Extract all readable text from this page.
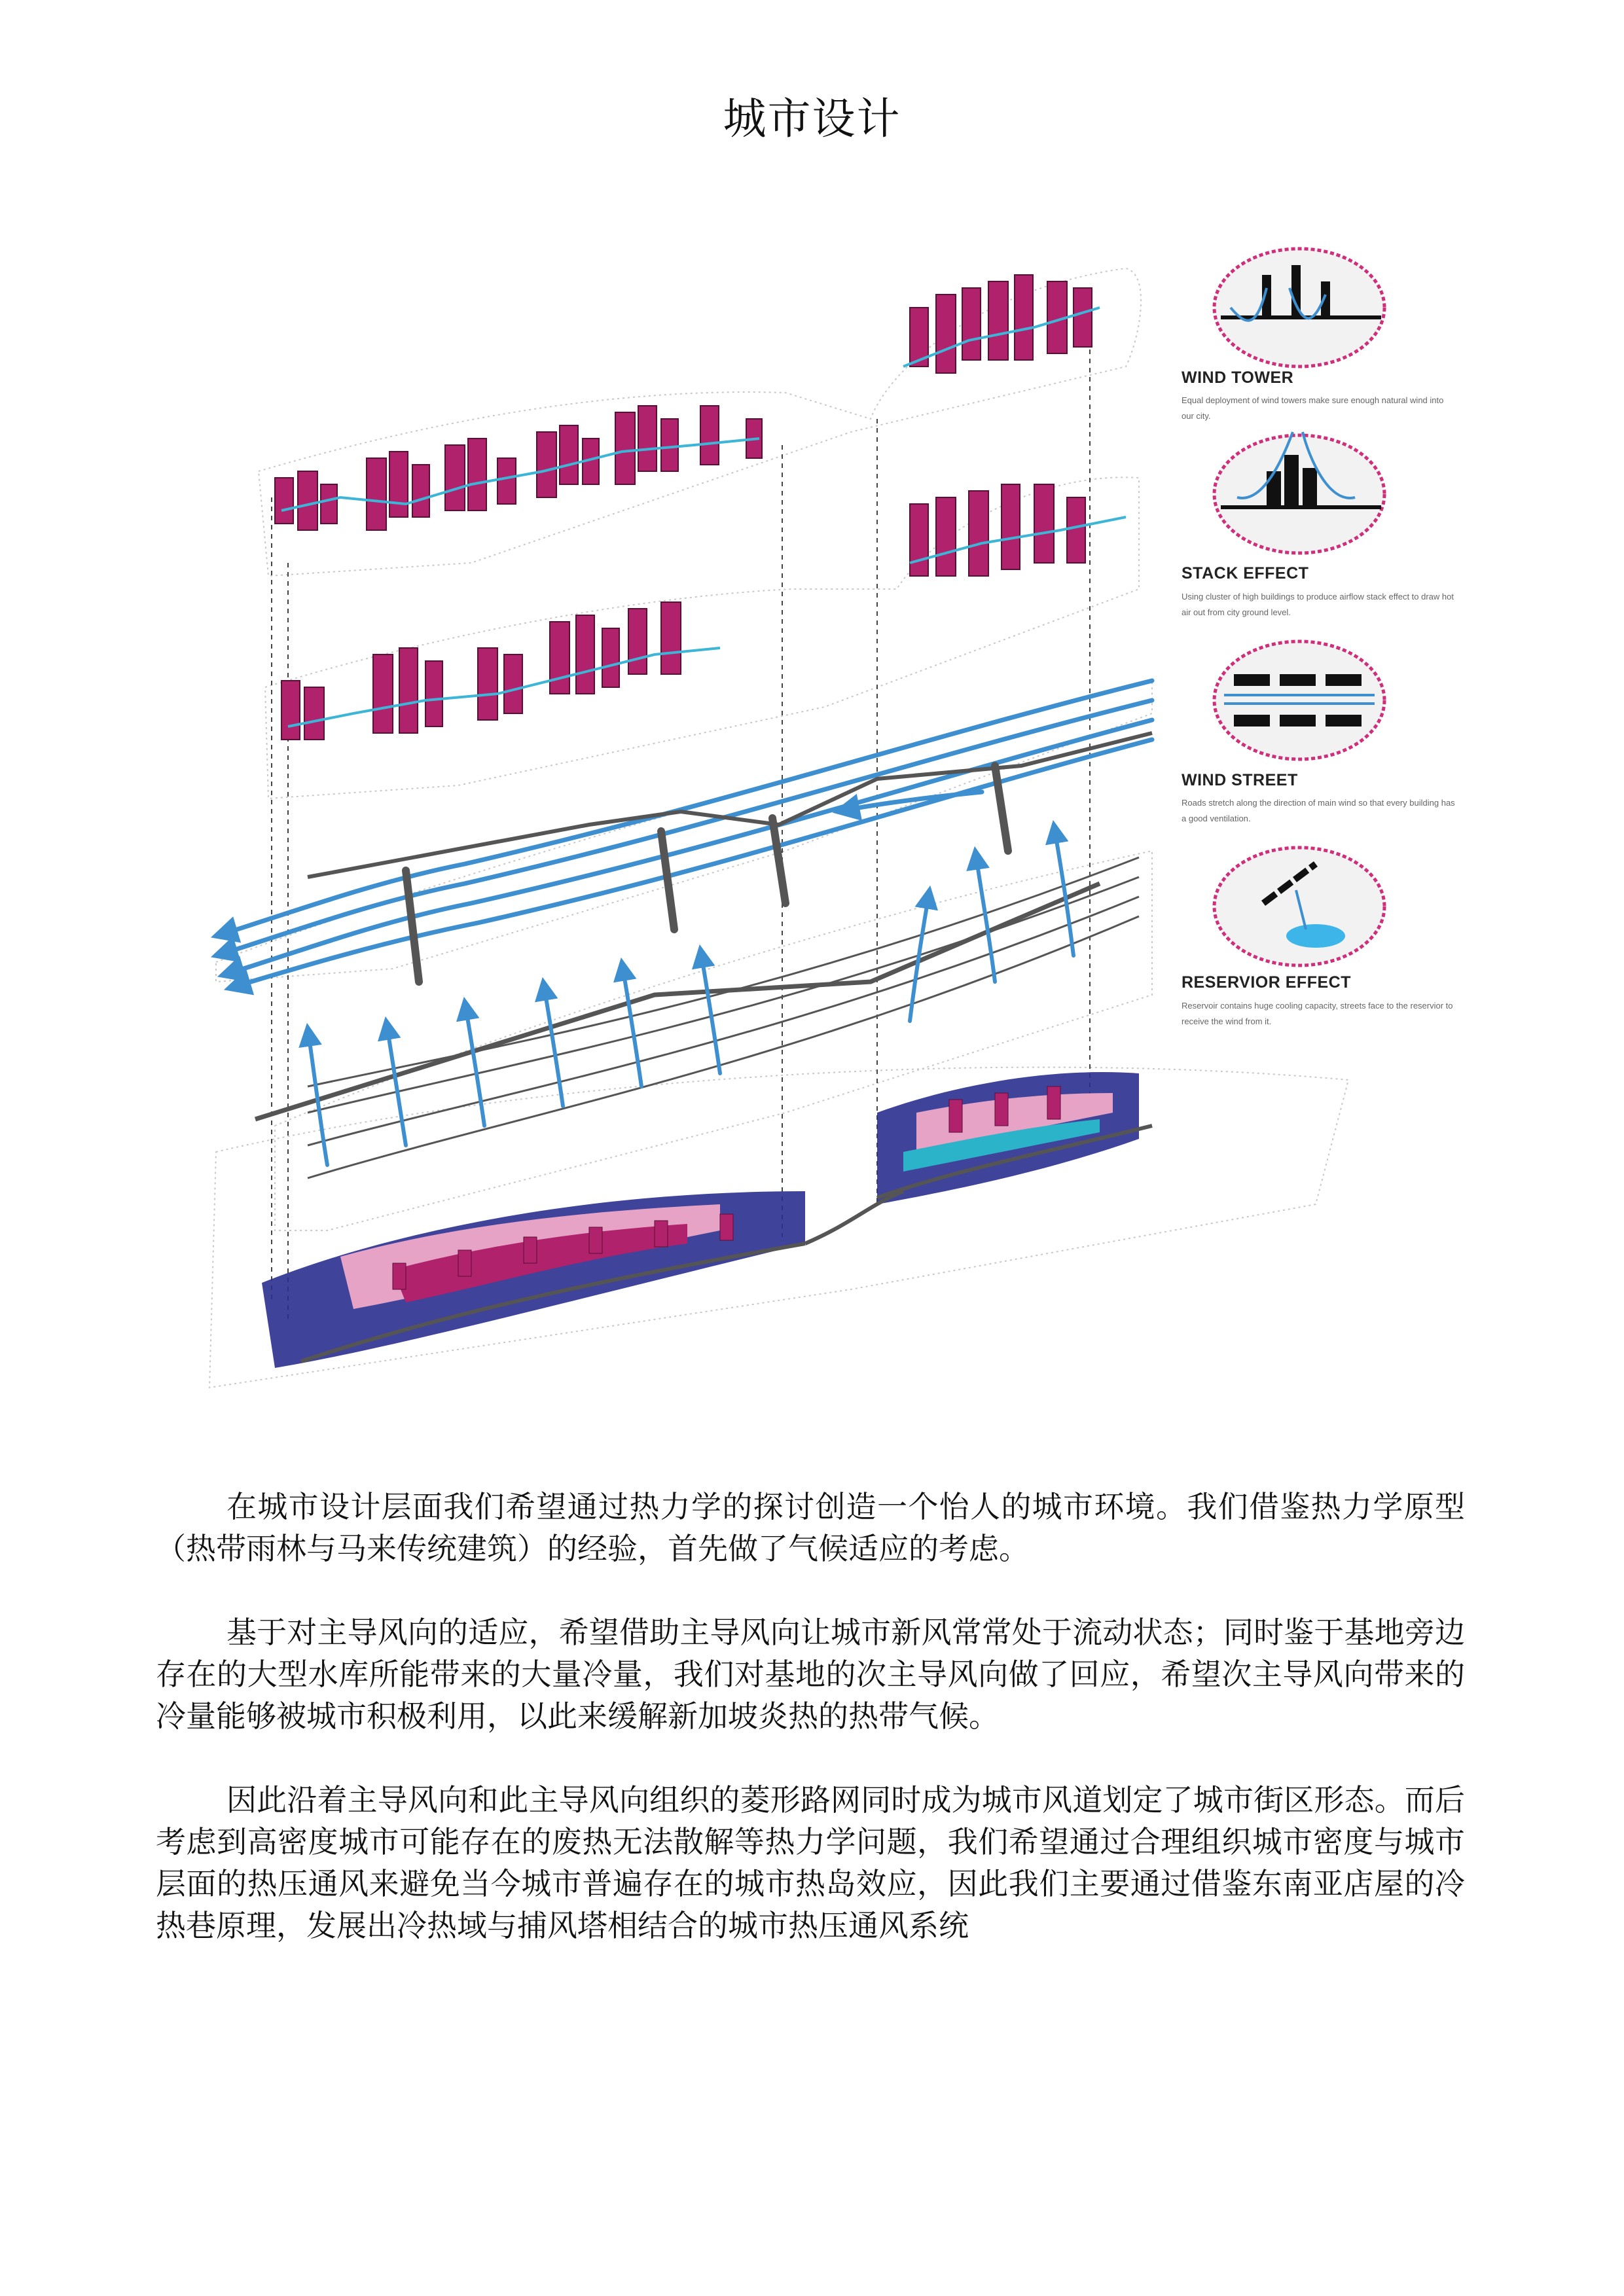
城市设计
WIND TOWER
Equal deployment of wind towers make sure enough natural wind into our city.
STACK EFFECT
Using cluster of high buildings to produce airflow stack effect to draw hot air out from city ground level.
WIND STREET
Roads stretch along the direction of main wind so that every building has a good ventilation.
RESERVIOR EFFECT
Reservoir contains huge cooling capacity, streets face to the reservior to receive the wind from it.

在城市设计层面我们希望通过热力学的探讨创造一个怡人的城市环境。我们借鉴热力学原型（热带雨林与马来传统建筑）的经验，首先做了气候适应的考虑。

基于对主导风向的适应，希望借助主导风向让城市新风常常处于流动状态；同时鉴于基地旁边存在的大型水库所能带来的大量冷量，我们对基地的次主导风向做了回应，希望次主导风向带来的冷量能够被城市积极利用，以此来缓解新加坡炎热的热带气候。

因此沿着主导风向和此主导风向组织的菱形路网同时成为城市风道划定了城市街区形态。而后考虑到高密度城市可能存在的废热无法散解等热力学问题，我们希望通过合理组织城市密度与城市层面的热压通风来避免当今城市普遍存在的城市热岛效应，因此我们主要通过借鉴东南亚店屋的冷热巷原理，发展出冷热域与捕风塔相结合的城市热压通风系统
